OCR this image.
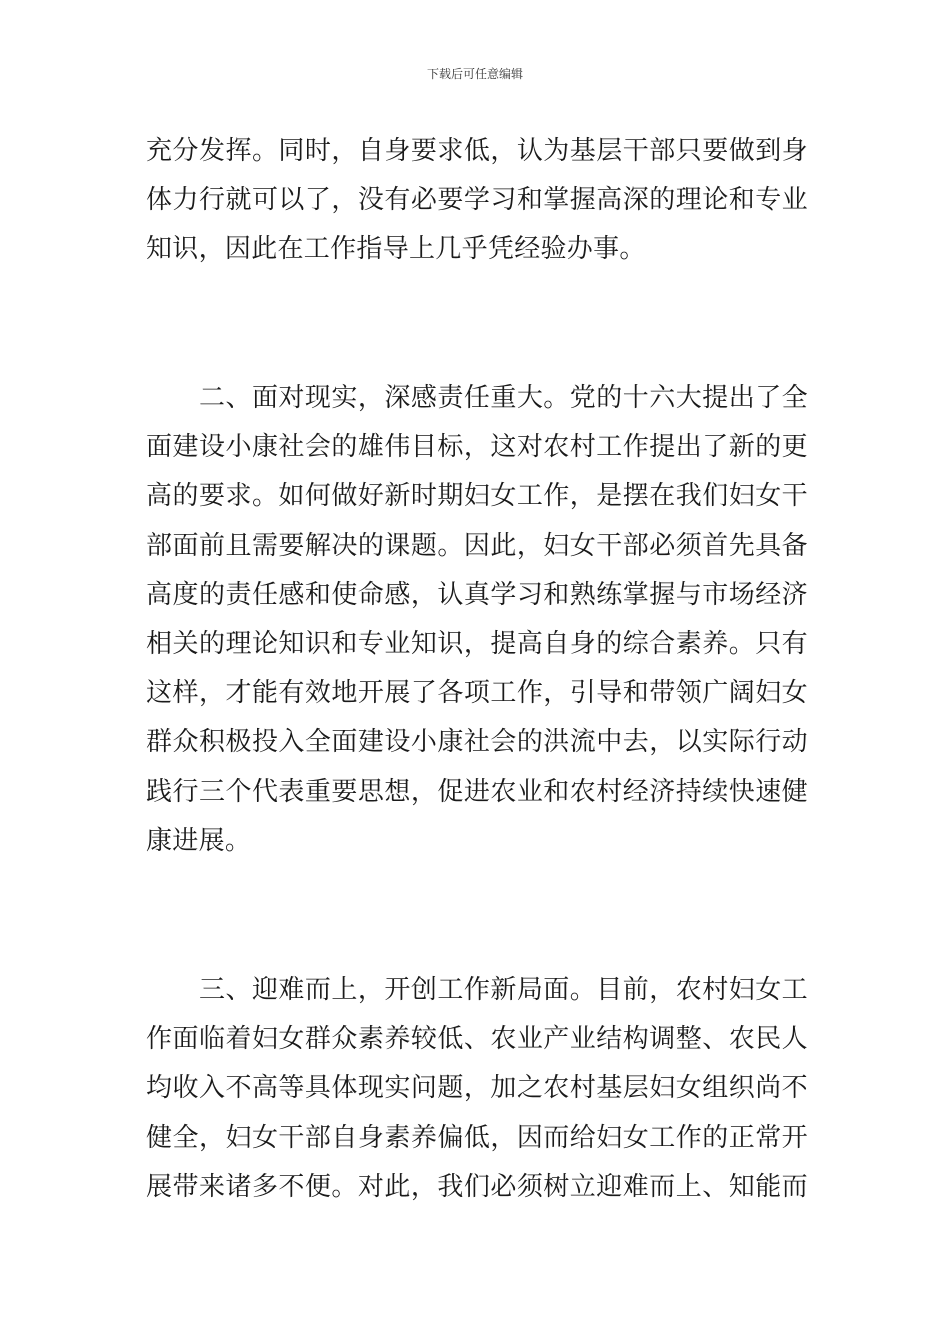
下载后可任意编辑
充分发挥。同时，自身要求低，认为基层干部只要做到身
体力行就可以了，没有必要学习和掌握高深的理论和专业
知识，因此在工作指导上几乎凭经验办事。
　　二、面对现实，深感责任重大。党的十六大提出了全
面建设小康社会的雄伟目标，这对农村工作提出了新的更
高的要求。如何做好新时期妇女工作，是摆在我们妇女干
部面前且需要解决的课题。因此，妇女干部必须首先具备
高度的责任感和使命感，认真学习和熟练掌握与市场经济
相关的理论知识和专业知识，提高自身的综合素养。只有
这样，才能有效地开展了各项工作，引导和带领广阔妇女
群众积极投入全面建设小康社会的洪流中去，以实际行动
践行三个代表重要思想，促进农业和农村经济持续快速健
康进展。
　　三、迎难而上，开创工作新局面。目前，农村妇女工
作面临着妇女群众素养较低、农业产业结构调整、农民人
均收入不高等具体现实问题，加之农村基层妇女组织尚不
健全，妇女干部自身素养偏低，因而给妇女工作的正常开
展带来诸多不便。对此，我们必须树立迎难而上、知能而
